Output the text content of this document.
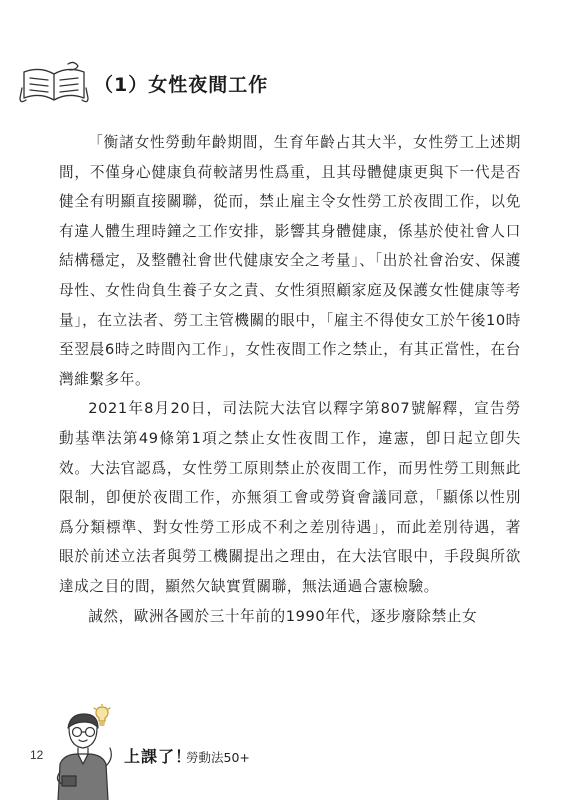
（1）女性夜間工作

「衡諸女性勞動年齡期間，生育年齡占其大半，女性勞工上述期間，不僅身心健康負荷較諸男性爲重，且其母體健康更與下一代是否健全有明顯直接關聯，從而，禁止雇主令女性勞工於夜間工作，以免有違人體生理時鐘之工作安排，影響其身體健康，係基於使社會人口結構穩定，及整體社會世代健康安全之考量」、「出於社會治安、保護母性、女性尙負生養子女之責、女性須照顧家庭及保護女性健康等考量」，在立法者、勞工主管機關的眼中，「雇主不得使女工於午後10時至翌晨6時之時間內工作」，女性夜間工作之禁止，有其正當性，在台灣維繫多年。

2021年8月20日，司法院大法官以釋字第807號解釋，宣告勞動基準法第49條第1項之禁止女性夜間工作，違憲，卽日起立卽失效。大法官認爲，女性勞工原則禁止於夜間工作，而男性勞工則無此限制，卽便於夜間工作，亦無須工會或勞資會議同意，「顯係以性別爲分類標準、對女性勞工形成不利之差別待遇」，而此差別待遇，著眼於前述立法者與勞工機關提出之理由，在大法官眼中，手段與所欲達成之目的間，顯然欠缺實質關聯，無法通過合憲檢驗。

誠然，歐洲各國於三十年前的1990年代，逐步廢除禁止女

12	上課了！
勞動法50+
